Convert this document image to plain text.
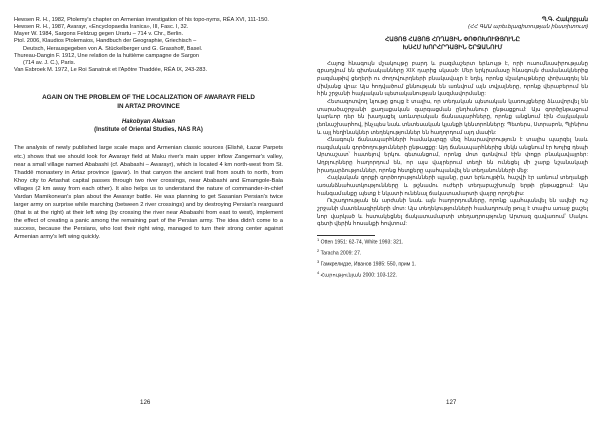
Hewsen R. H., 1982, Ptolemy's chapter on Armenian investigation of his topo-nyms, RÉA XVI, 111-150.

Hewsen R. H., 1987, Avarayr, «Encyclopaedia Iranica», III, Fasc. I, 32.

Mayer W. 1984, Sargons Feldzug gegen Urartu – 714 v. Chr., Berlin.

Ptol. 2006, Klaudios Ptolemaios, Handbuch der Geographie, Griechisch –

Deutsch, Herausgegeben von A. Stückelberger und G. Grasshoff, Basel.

Thureau-Dangin F. 1912, Une relation de la huitième campagne de Sargon

(714 av. J. C.), Paris.

Van Esbroek M. 1972, Le Roi Sanatruk et l'Apôtre Thaddée, RÉA IX, 243-283.

AGAIN ON THE PROBLEM OF THE LOCALIZATION OF AWARAYR FIELD
IN ARTAZ PROVINCE
Hakobyan Aleksan
(Institute of Oriental Studies, NAS RA)

The analysis of newly published large scale maps and Armenian classic sources (Elishē, Łazar Parpets etc.) shows that we should look for Awarayr field at Maku river's main upper inflow Zangemar's valley, near a small village named Ababashi (cf. Ababashi – Awarayr), which is located 4 km north-west from St. Thaddē monastery in Artaz province (gavar). In that canyon the ancient trail from south to north, from Khoy city to Artashat capital passes through two river crossings, near Ababashi and Emamgole-Bala villages (2 km away from each other). It also helps us to understand the nature of commander-in-chief Vardan Mamikonean's plan about the Awarayr battle. He was planning to get Sasanian Persian's twice larger army on surprise while marching (between 2 river crossings) and by destroying Persian's rearguard (that is at the right) at their left wing (by crossing the river near Ababashi from east to west), implement the effect of creating a panic among the remaining part of the Persian army. The idea didn't come to a success, because the Persians, who lost their right wing, managed to turn their strong center against Armenian army's left wing quickly.

126
Պ.Գ. Հակոբյան
(ՀՀ ԳԱԱ արեւելագիտության ինստիտուտ)
ՀԱՅՈՑ ՀԱՅՈՑ ՀՈՂԱՅԻՆ ՓՈՓՈԽՈՒԹՅՈՒՆԸ
ԽՍՀՄ ԽՈՐՀՐԴԱՅԻՆ ՇՐՋԱՆՈՒՄ

Հայոց հնագույն մշակույթը բարդ և բազմաշերտ երևույթ է, որի ուսումնասիրությանը զբաղվում են գիտնականները XIX դարից սկսած: Մեր երկրամասը հնագույն ժամանակներից բազմաթիվ ցեղերի ու ժողովուրդների բնակավայր է եղել, որոնց մշակույթները փոխազդել են միմյանց վրա: Այս հոդվածում քննության են առնվում այն տվյալները, որոնք վերաբերում են հին շրջանի հայկական պետականության կազմավորմանը:

Հետազոտվող նյութը ցույց է տալիս, որ տեղական պետական կառույցները ձևավորվել են տարածաշրջանի քաղաքական զարգացման ընդհանուր ընթացքում: Այս գործընթացում կարևոր դեր են խաղացել առևտրական ճանապարհները, որոնք անցնում էին Հայկական լեռնաշխարհով, ինչպես նաև տնտեսական կյանքի կենտրոնները: Պետերս, Ստրաբոն, Պլինիոս և այլ հեղինակներ տեղեկություններ են հաղորդում այդ մասին:

Հնագույն ճանապարհների համակարգը մեզ հնարավորություն է տալիս պարզել նաև ռազմական գործողությունների ընթացքը: Այդ ճանապարհներից մեկն անցնում էր Խոյից դեպի Արտաշատ՝ հատելով երկու գետանցում, որոնց մոտ գտնվում էին փոքր բնակավայրեր: Աղբյուրները հաղորդում են, որ այս վայրերում տեղի են ունեցել մի շարք նշանակալի իրադարձություններ, որոնց հետքերը պահպանվել են տեղանունների մեջ:

Հայկական զորքի գործողությունների պլանը, ըստ երևույթին, հաշվի էր առնում տեղանքի առանձնահատկությունները և թշնամու ուժերի տեղաբաշխումը երթի ընթացքում: Այս հանգամանքը պետք է նկատի ունենալ ճակատամարտի վայրը որոշելիս:

Ուշադրության են արժանի նաև այն հաղորդումները, որոնք պահպանվել են ավելի ուշ շրջանի մատենագիրների մոտ: Այս տեղեկությունների համադրումը թույլ է տալիս առաջ քաշել նոր վարկած և հստակեցնել ճակատամարտի տեղադրությունը Արտազ գավառում՝ Մակու գետի վերին հոսանքի հովտում:

$^1$ Otten 1951: 62-74, White 1993: 321.

$^2$ Taracha 2009: 27.

$^3$ Гамкрелидзе, Иванов 1985: 550, прим 1.

$^4$ Հարությունյան 2000: 103-122.

127
